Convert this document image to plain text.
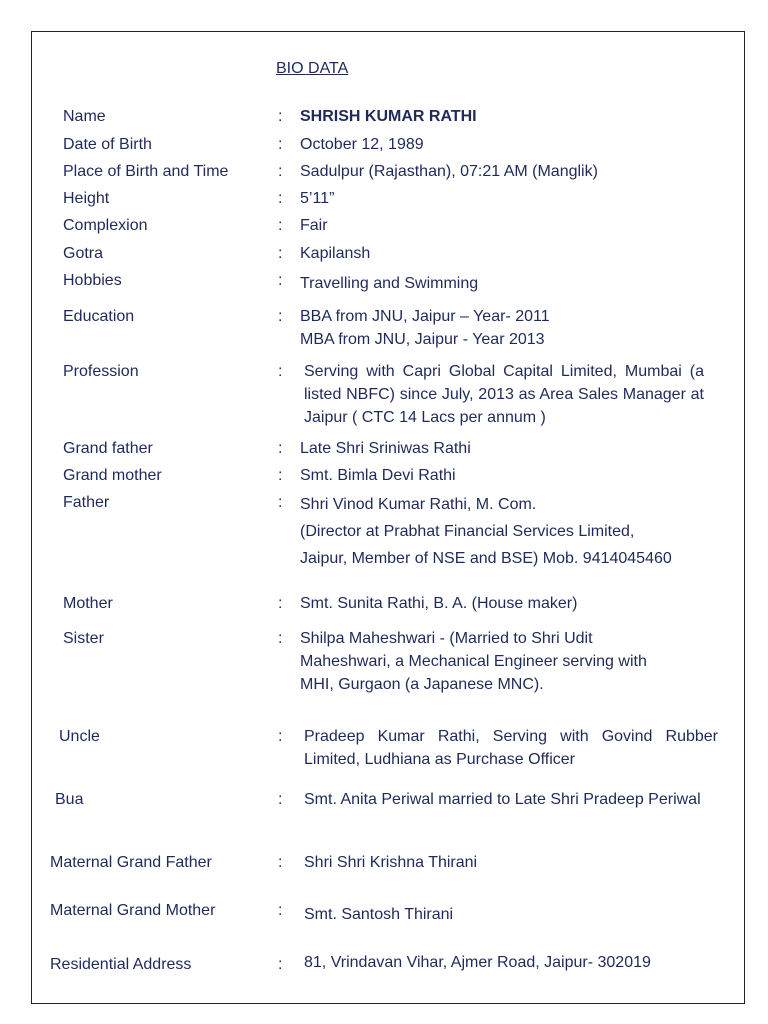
BIO DATA
Name	:	SHRISH KUMAR RATHI
Date of Birth	:	October 12, 1989
Place of Birth and Time	:	Sadulpur (Rajasthan), 07:21 AM (Manglik)
Height	:	5’11”
Complexion	:	Fair
Gotra	:	Kapilansh
Hobbies	:	Travelling and Swimming
Education	:	BBA from JNU, Jaipur – Year- 2011
MBA from JNU, Jaipur - Year 2013
Profession	:	Serving with Capri Global Capital Limited, Mumbai (a listed NBFC) since July, 2013 as Area Sales Manager at Jaipur ( CTC 14 Lacs per annum )
Grand father	:	Late Shri Sriniwas Rathi
Grand mother	:	Smt. Bimla Devi Rathi
Father	:	Shri Vinod Kumar Rathi, M. Com.
(Director at Prabhat Financial Services Limited,
Jaipur, Member of NSE and BSE) Mob. 9414045460
Mother	:	Smt. Sunita Rathi, B. A. (House maker)
Sister	:	Shilpa Maheshwari - (Married to Shri Udit
Maheshwari, a Mechanical Engineer serving with
MHI, Gurgaon (a Japanese MNC).
Uncle	:	Pradeep Kumar Rathi, Serving with Govind Rubber Limited, Ludhiana as Purchase Officer
Bua	:	Smt. Anita Periwal married to Late Shri Pradeep Periwal
Maternal Grand Father	:	Shri Shri Krishna Thirani
Maternal Grand Mother	:	Smt. Santosh Thirani
Residential Address	:	81, Vrindavan Vihar, Ajmer Road, Jaipur- 302019
